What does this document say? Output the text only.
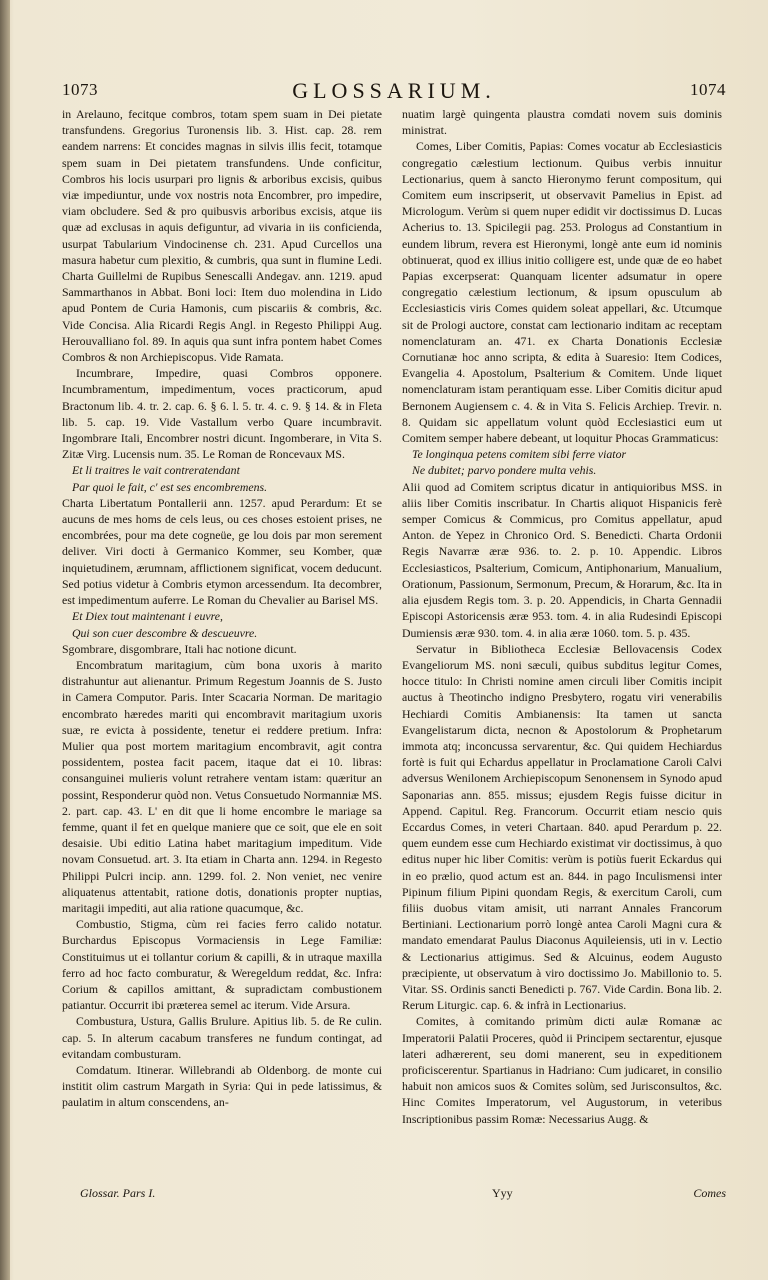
1073	GLOSSARIUM.	1074

in Arelauno, fecitque combros, totam spem suam in Dei pietate transfundens. Gregorius Turonensis lib. 3. Hist. cap. 28. rem eandem narrens: Et concides magnas in silvis illis fecit, totamque spem suam in Dei pietatem transfundens. Unde conficitur, Combros his locis usurpari pro lignis & arboribus excisis, quibus viæ impediuntur, unde vox nostris nota Encombrer, pro impedire, viam obcludere. Sed & pro quibusvis arboribus excisis, atque iis quæ ad exclusas in aquis defiguntur, ad vivaria in iis conficienda, usurpat Tabularium Vindocinense ch. 231. Apud Curcellos una masura habetur cum plexitio, & cumbris, qua sunt in flumine Ledi. Charta Guillelmi de Rupibus Senescalli Andegav. ann. 1219. apud Sammarthanos in Abbat. Boni loci: Item duo molendina in Lido apud Pontem de Curia Hamonis, cum piscariis & combris, &c. Vide Concisa. Alia Ricardi Regis Angl. in Regesto Philippi Aug. Herouvalliano fol. 89. In aquis qua sunt infra pontem habet Comes Combros & non Archiepiscopus. Vide Ramata.

Incumbrare, Impedire, quasi Combros opponere. Incumbramentum, impedimentum, voces practicorum, apud Bractonum lib. 4. tr. 2. cap. 6. § 6. l. 5. tr. 4. c. 9. § 14. & in Fleta lib. 5. cap. 19. Vide Vastallum verbo Quare incumbravit. Ingombrare Itali, Encombrer nostri dicunt. Ingomberare, in Vita S. Zitæ Virg. Lucensis num. 35. Le Roman de Roncevaux MS.

Et li traitres le vait contreratendant

Par quoi le fait, c' est ses encombremens.

Charta Libertatum Pontallerii ann. 1257. apud Perardum: Et se aucuns de mes homs de cels leus, ou ces choses estoient prises, ne encombrées, pour ma dete cogneüe, ge lou dois par mon serement deliver. Viri docti à Germanico Kommer, seu Komber, quæ inquietudinem, ærumnam, afflictionem significat, vocem deducunt. Sed potius videtur à Combris etymon arcessendum. Ita decombrer, est impedimentum auferre. Le Roman du Chevalier au Barisel MS.

Et Diex tout maintenant i euvre,

Qui son cuer descombre & descueuvre.

Sgombrare, disgombrare, Itali hac notione dicunt.

Encombratum maritagium, cùm bona uxoris à marito distrahuntur aut alienantur. Primum Regestum Joannis de S. Justo in Camera Computor. Paris. Inter Scacaria Norman. De maritagio encombrato hæredes mariti qui encombravit maritagium uxoris suæ, re evicta à possidente, tenetur ei reddere pretium. Infra: Mulier qua post mortem maritagium encombravit, agit contra possidentem, postea facit pacem, itaque dat ei 10. libras: consanguinei mulieris volunt retrahere ventam istam: quæritur an possint, Responderur quòd non. Vetus Consuetudo Normanniæ MS. 2. part. cap. 43. L' en dit que li home encombre le mariage sa femme, quant il fet en quelque maniere que ce soit, que ele en soit desaisie. Ubi editio Latina habet maritagium impeditum. Vide novam Consuetud. art. 3. Ita etiam in Charta ann. 1294. in Regesto Philippi Pulcri incip. ann. 1299. fol. 2. Non veniet, nec venire aliquatenus attentabit, ratione dotis, donationis propter nuptias, maritagii impediti, aut alia ratione quacumque, &c.

Combustio, Stigma, cùm rei facies ferro calido notatur. Burchardus Episcopus Vormaciensis in Lege Familiæ: Constituimus ut ei tollantur corium & capilli, & in utraque maxilla ferro ad hoc facto comburatur, & Weregeldum reddat, &c. Infra: Corium & capillos amittant, & supradictam combustionem patiantur. Occurrit ibi præterea semel ac iterum. Vide Arsura.

Combustura, Ustura, Gallis Brulure. Apitius lib. 5. de Re culin. cap. 5. In alterum cacabum transferes ne fundum contingat, ad evitandam combusturam.

Comdatum. Itinerar. Willebrandi ab Oldenborg. de monte cui institit olim castrum Margath in Syria: Qui in pede latissimus, & paulatim in altum conscendens, an-

nuatim largè quingenta plaustra comdati novem suis dominis ministrat.

Comes, Liber Comitis, Papias: Comes vocatur ab Ecclesiasticis congregatio cælestium lectionum. Quibus verbis innuitur Lectionarius, quem à sancto Hieronymo ferunt compositum, qui Comitem eum inscripserit, ut observavit Pamelius in Epist. ad Micrologum. Verùm si quem nuper edidit vir doctissimus D. Lucas Acherius to. 13. Spicilegii pag. 253. Prologus ad Constantium in eundem librum, revera est Hieronymi, longè ante eum id nominis obtinuerat, quod ex illius initio colligere est, unde quæ de eo habet Papias excerpserat: Quanquam licenter adsumatur in opere congregatio cælestium lectionum, & ipsum opusculum ab Ecclesiasticis viris Comes quidem soleat appellari, &c. Utcumque sit de Prologi auctore, constat cam lectionario inditam ac receptam nomenclaturam an. 471. ex Charta Donationis Ecclesiæ Cornutianæ hoc anno scripta, & edita à Suaresio: Item Codices, Evangelia 4. Apostolum, Psalterium & Comitem. Unde liquet nomenclaturam istam perantiquam esse. Liber Comitis dicitur apud Bernonem Augiensem c. 4. & in Vita S. Felicis Archiep. Trevir. n. 8. Quidam sic appellatum volunt quòd Ecclesiastici eum ut Comitem semper habere debeant, ut loquitur Phocas Grammaticus:

Te longinqua petens comitem sibi ferre viator

Ne dubitet; parvo pondere multa vehis.

Alii quod ad Comitem scriptus dicatur in antiquioribus MSS. in aliis liber Comitis inscribatur. In Chartis aliquot Hispanicis ferè semper Comicus & Commicus, pro Comitus appellatur, apud Anton. de Yepez in Chronico Ord. S. Benedicti. Charta Ordonii Regis Navarræ æræ 936. to. 2. p. 10. Appendic. Libros Ecclesiasticos, Psalterium, Comicum, Antiphonarium, Manualium, Orationum, Passionum, Sermonum, Precum, & Horarum, &c. Ita in alia ejusdem Regis tom. 3. p. 20. Appendicis, in Charta Gennadii Episcopi Astoricensis æræ 953. tom. 4. in alia Rudesindi Episcopi Dumiensis æræ 930. tom. 4. in alia æræ 1060. tom. 5. p. 435.

Servatur in Bibliotheca Ecclesiæ Bellovacensis Codex Evangeliorum MS. noni sæculi, quibus subditus legitur Comes, hocce titulo: In Christi nomine amen circuli liber Comitis incipit auctus à Theotincho indigno Presbytero, rogatu viri venerabilis Hechiardi Comitis Ambianensis: Ita tamen ut sancta Evangelistarum dicta, necnon & Apostolorum & Prophetarum immota atq; inconcussa servarentur, &c. Qui quidem Hechiardus fortè is fuit qui Echardus appellatur in Proclamatione Caroli Calvi adversus Wenilonem Archiepiscopum Senonensem in Synodo apud Saponarias ann. 855. missus; ejusdem Regis fuisse dicitur in Append. Capitul. Reg. Francorum. Occurrit etiam nescio quis Eccardus Comes, in veteri Chartaan. 840. apud Perardum p. 22. quem eundem esse cum Hechiardo existimat vir doctissimus, à quo editus nuper hic liber Comitis: verùm is potiùs fuerit Eckardus qui in eo prælio, quod actum est an. 844. in pago Inculismensi inter Pipinum filium Pipini quondam Regis, & exercitum Caroli, cum filiis duobus vitam amisit, uti narrant Annales Francorum Bertiniani. Lectionarium porrò longè antea Caroli Magni cura & mandato emendarat Paulus Diaconus Aquileiensis, uti in v. Lectio & Lectionarius attigimus. Sed & Alcuinus, eodem Augusto præcipiente, ut observatum à viro doctissimo Jo. Mabillonio to. 5. Vitar. SS. Ordinis sancti Benedicti p. 767. Vide Cardin. Bona lib. 2. Rerum Liturgic. cap. 6. & infrà in Lectionarius.

Comites, à comitando primùm dicti aulæ Romanæ ac Imperatorii Palatii Proceres, quòd ii Principem sectarentur, ejusque lateri adhærerent, seu domi manerent, seu in expeditionem proficiscerentur. Spartianus in Hadriano: Cum judicaret, in consilio habuit non amicos suos & Comites solùm, sed Jurisconsultos, &c. Hinc Comites Imperatorum, vel Augustorum, in veteribus Inscriptionibus passim Romæ: Necessarius Augg. &

Glossar. Pars I.	Yyy	Comes
